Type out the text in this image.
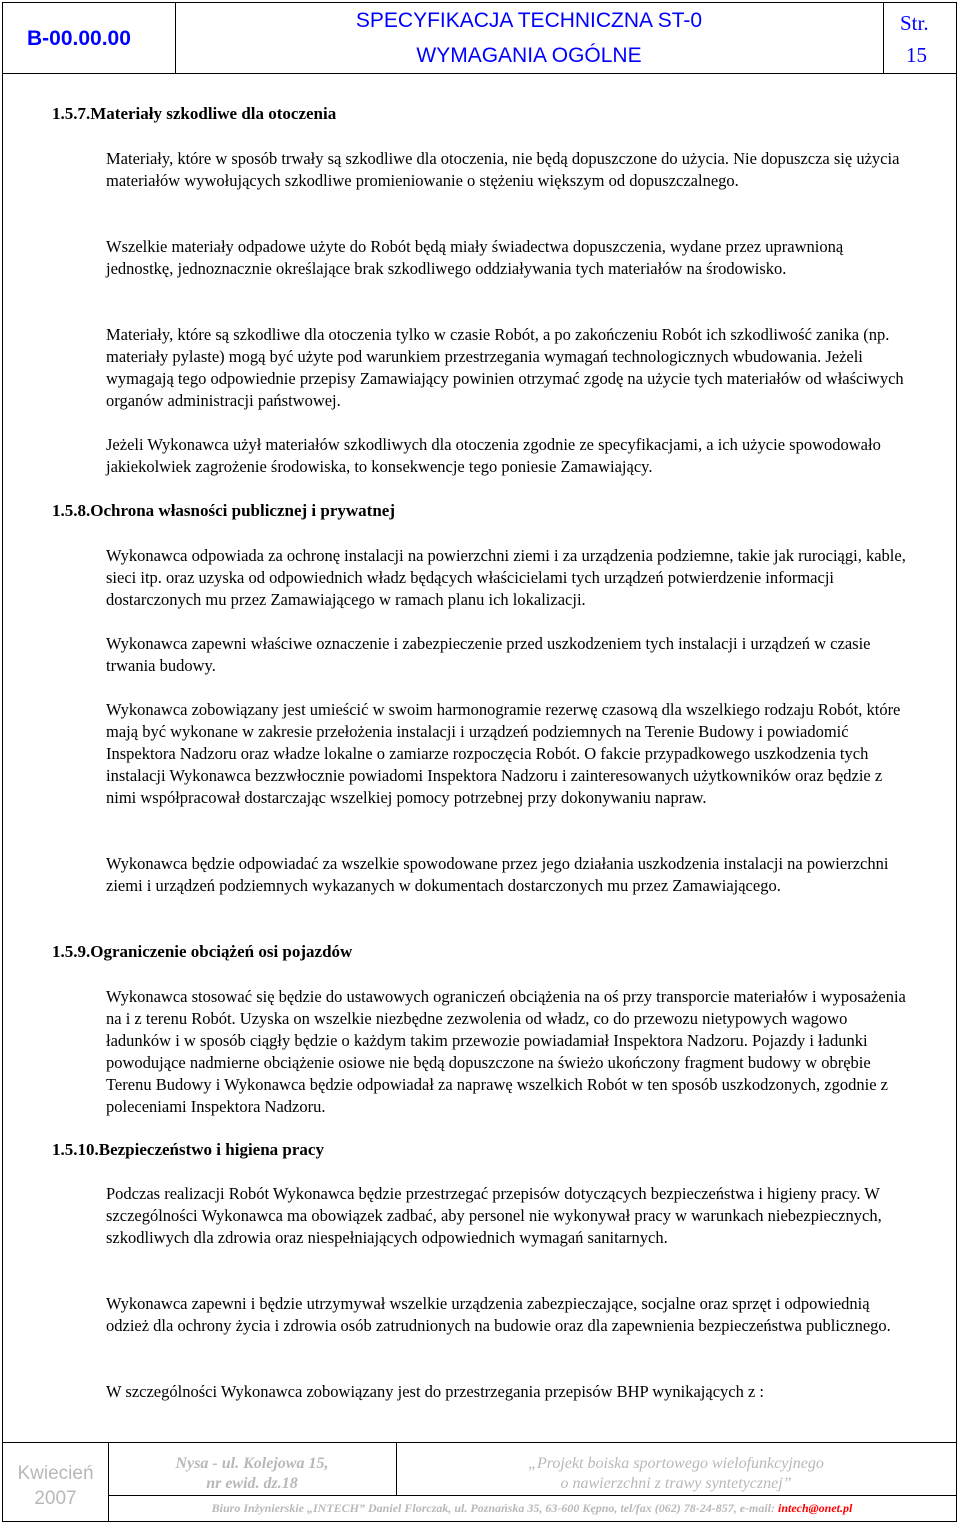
B-00.00.00
SPECYFIKACJA TECHNICZNA ST-0
WYMAGANIA OGÓLNE
Str.
15
1.5.7.Materiały szkodliwe dla otoczenia
Materiały, które w sposób trwały są szkodliwe dla otoczenia, nie będą dopuszczone do użycia. Nie dopuszcza się użycia materiałów wywołujących szkodliwe promieniowanie o stężeniu większym od dopuszczalnego.
Wszelkie materiały odpadowe użyte do Robót będą miały świadectwa dopuszczenia, wydane przez uprawnioną jednostkę, jednoznacznie określające brak szkodliwego oddziaływania tych materiałów na środowisko.
Materiały, które są szkodliwe dla otoczenia tylko w czasie Robót, a po zakończeniu Robót ich szkodliwość zanika (np. materiały pylaste) mogą być użyte pod warunkiem przestrzegania wymagań technologicznych wbudowania. Jeżeli wymagają tego odpowiednie przepisy Zamawiający powinien otrzymać zgodę na użycie tych materiałów od właściwych organów administracji państwowej.
Jeżeli Wykonawca użył materiałów szkodliwych dla otoczenia zgodnie ze specyfikacjami, a ich użycie spowodowało jakiekolwiek zagrożenie środowiska, to konsekwencje tego poniesie Zamawiający.
1.5.8.Ochrona własności publicznej i prywatnej
Wykonawca odpowiada za ochronę instalacji na powierzchni ziemi i za urządzenia podziemne, takie jak rurociągi, kable, sieci itp. oraz uzyska od odpowiednich władz będących właścicielami tych urządzeń potwierdzenie informacji dostarczonych mu przez Zamawiającego w ramach planu ich lokalizacji.
Wykonawca zapewni właściwe oznaczenie i zabezpieczenie przed uszkodzeniem tych instalacji i urządzeń w czasie trwania budowy.
Wykonawca zobowiązany jest umieścić w swoim harmonogramie rezerwę czasową dla wszelkiego rodzaju Robót, które mają być wykonane w zakresie przełożenia instalacji i urządzeń podziemnych na Terenie Budowy i powiadomić Inspektora Nadzoru oraz władze lokalne o zamiarze rozpoczęcia Robót. O fakcie przypadkowego uszkodzenia tych instalacji Wykonawca bezzwłocznie powiadomi Inspektora Nadzoru i zainteresowanych użytkowników oraz będzie z nimi współpracował dostarczając wszelkiej pomocy potrzebnej przy dokonywaniu napraw.
Wykonawca będzie odpowiadać za wszelkie spowodowane przez jego działania uszkodzenia instalacji na powierzchni ziemi i urządzeń podziemnych wykazanych w dokumentach dostarczonych mu przez Zamawiającego.
1.5.9.Ograniczenie obciążeń osi pojazdów
Wykonawca stosować się będzie do ustawowych ograniczeń obciążenia na oś przy transporcie materiałów i wyposażenia na i z terenu Robót. Uzyska on wszelkie niezbędne zezwolenia od władz, co do przewozu nietypowych wagowo ładunków i w sposób ciągły będzie o każdym takim przewozie powiadamiał Inspektora Nadzoru. Pojazdy i ładunki powodujące nadmierne obciążenie osiowe nie będą dopuszczone na świeżo ukończony fragment budowy w obrębie Terenu Budowy i Wykonawca będzie odpowiadał za naprawę wszelkich Robót w ten sposób uszkodzonych, zgodnie z poleceniami Inspektora Nadzoru.
1.5.10.Bezpieczeństwo i higiena pracy
Podczas realizacji Robót Wykonawca będzie przestrzegać przepisów dotyczących bezpieczeństwa i higieny pracy. W szczególności Wykonawca ma obowiązek zadbać, aby personel nie wykonywał pracy w warunkach niebezpiecznych, szkodliwych dla zdrowia oraz niespełniających odpowiednich wymagań sanitarnych.
Wykonawca zapewni i będzie utrzymywał wszelkie urządzenia zabezpieczające, socjalne oraz sprzęt i odpowiednią odzież dla ochrony życia i zdrowia osób zatrudnionych na budowie oraz dla zapewnienia bezpieczeństwa publicznego.
W szczególności Wykonawca zobowiązany jest do przestrzegania przepisów BHP wynikających z :
Kwiecień
2007
Nysa - ul. Kolejowa 15,
nr ewid. dz.18
„Projekt boiska sportowego wielofunkcyjnego
o nawierzchni z trawy syntetycznej”
Biuro Inżynierskie „INTECH” Daniel Florczak, ul. Poznańska 35, 63-600 Kępno, tel/fax (062) 78-24-857, e-mail: intech@onet.pl
